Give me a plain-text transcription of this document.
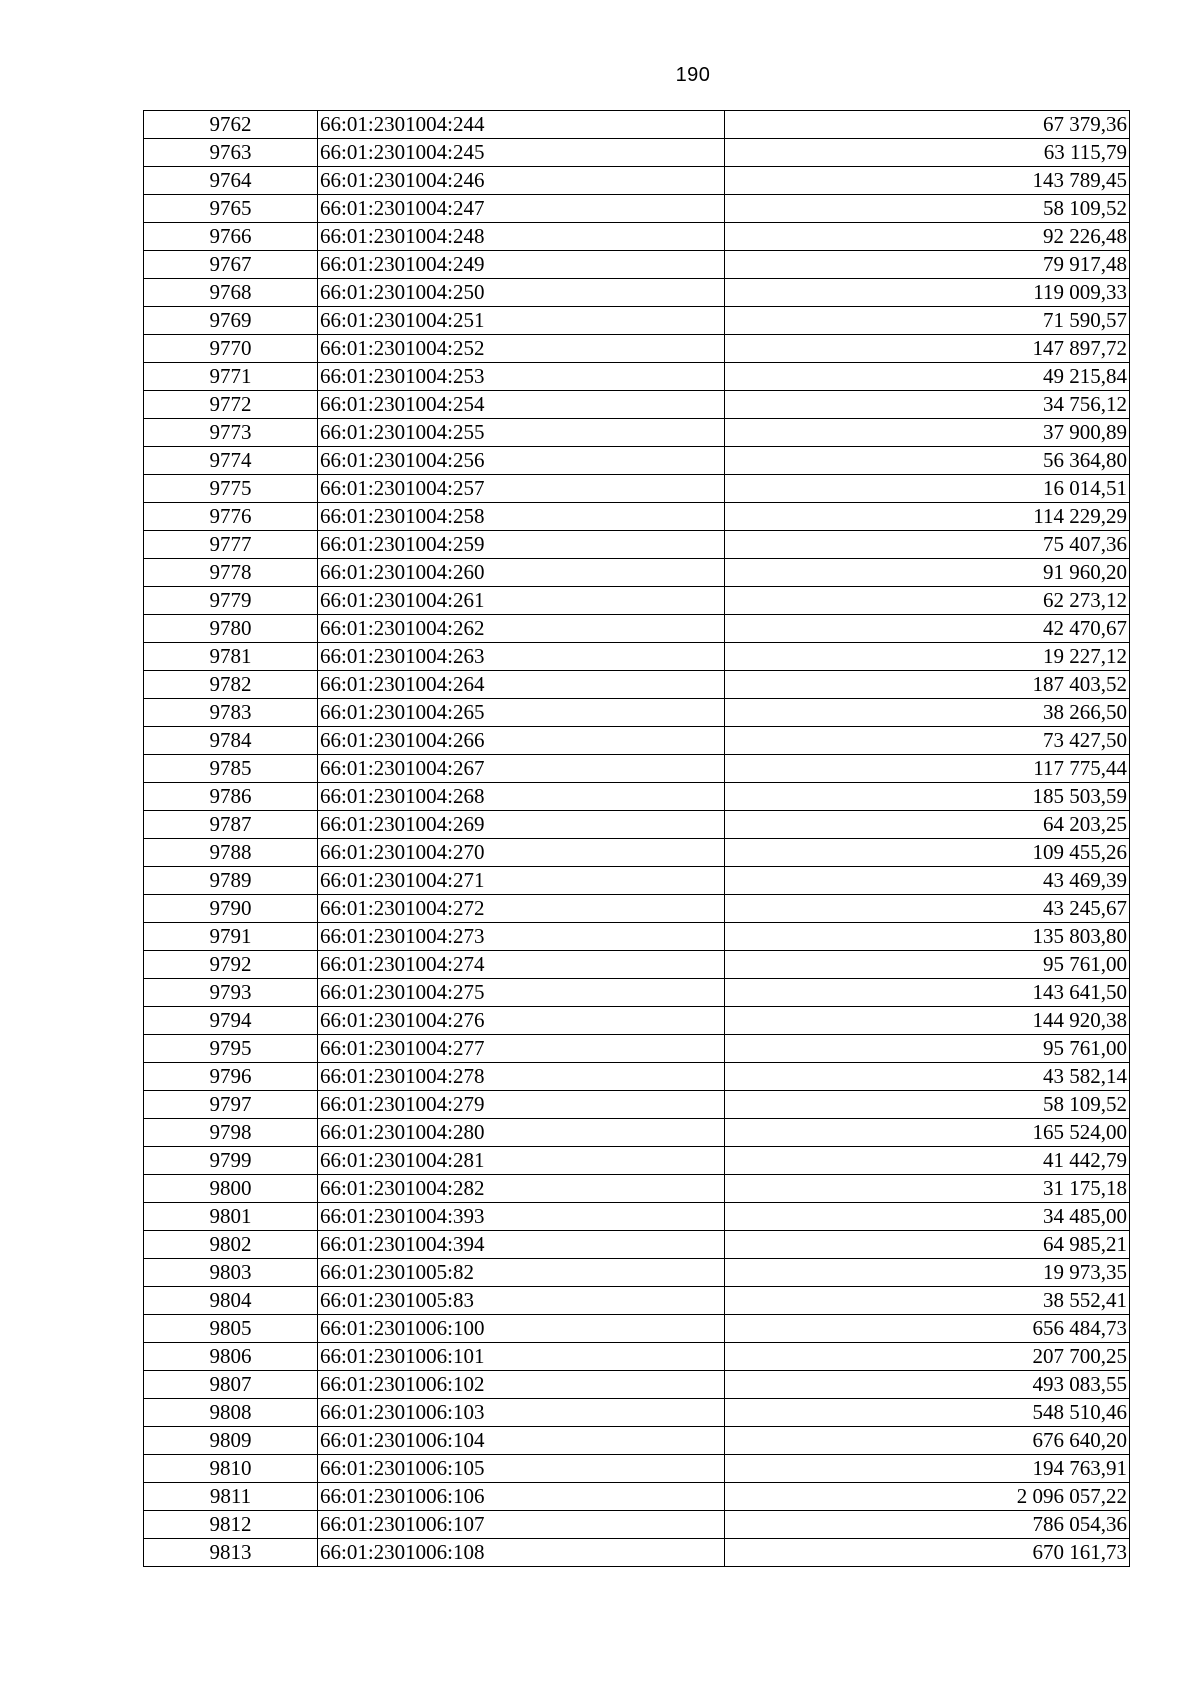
190
9762	66:01:2301004:244	67 379,36
9763	66:01:2301004:245	63 115,79
9764	66:01:2301004:246	143 789,45
9765	66:01:2301004:247	58 109,52
9766	66:01:2301004:248	92 226,48
9767	66:01:2301004:249	79 917,48
9768	66:01:2301004:250	119 009,33
9769	66:01:2301004:251	71 590,57
9770	66:01:2301004:252	147 897,72
9771	66:01:2301004:253	49 215,84
9772	66:01:2301004:254	34 756,12
9773	66:01:2301004:255	37 900,89
9774	66:01:2301004:256	56 364,80
9775	66:01:2301004:257	16 014,51
9776	66:01:2301004:258	114 229,29
9777	66:01:2301004:259	75 407,36
9778	66:01:2301004:260	91 960,20
9779	66:01:2301004:261	62 273,12
9780	66:01:2301004:262	42 470,67
9781	66:01:2301004:263	19 227,12
9782	66:01:2301004:264	187 403,52
9783	66:01:2301004:265	38 266,50
9784	66:01:2301004:266	73 427,50
9785	66:01:2301004:267	117 775,44
9786	66:01:2301004:268	185 503,59
9787	66:01:2301004:269	64 203,25
9788	66:01:2301004:270	109 455,26
9789	66:01:2301004:271	43 469,39
9790	66:01:2301004:272	43 245,67
9791	66:01:2301004:273	135 803,80
9792	66:01:2301004:274	95 761,00
9793	66:01:2301004:275	143 641,50
9794	66:01:2301004:276	144 920,38
9795	66:01:2301004:277	95 761,00
9796	66:01:2301004:278	43 582,14
9797	66:01:2301004:279	58 109,52
9798	66:01:2301004:280	165 524,00
9799	66:01:2301004:281	41 442,79
9800	66:01:2301004:282	31 175,18
9801	66:01:2301004:393	34 485,00
9802	66:01:2301004:394	64 985,21
9803	66:01:2301005:82	19 973,35
9804	66:01:2301005:83	38 552,41
9805	66:01:2301006:100	656 484,73
9806	66:01:2301006:101	207 700,25
9807	66:01:2301006:102	493 083,55
9808	66:01:2301006:103	548 510,46
9809	66:01:2301006:104	676 640,20
9810	66:01:2301006:105	194 763,91
9811	66:01:2301006:106	2 096 057,22
9812	66:01:2301006:107	786 054,36
9813	66:01:2301006:108	670 161,73
